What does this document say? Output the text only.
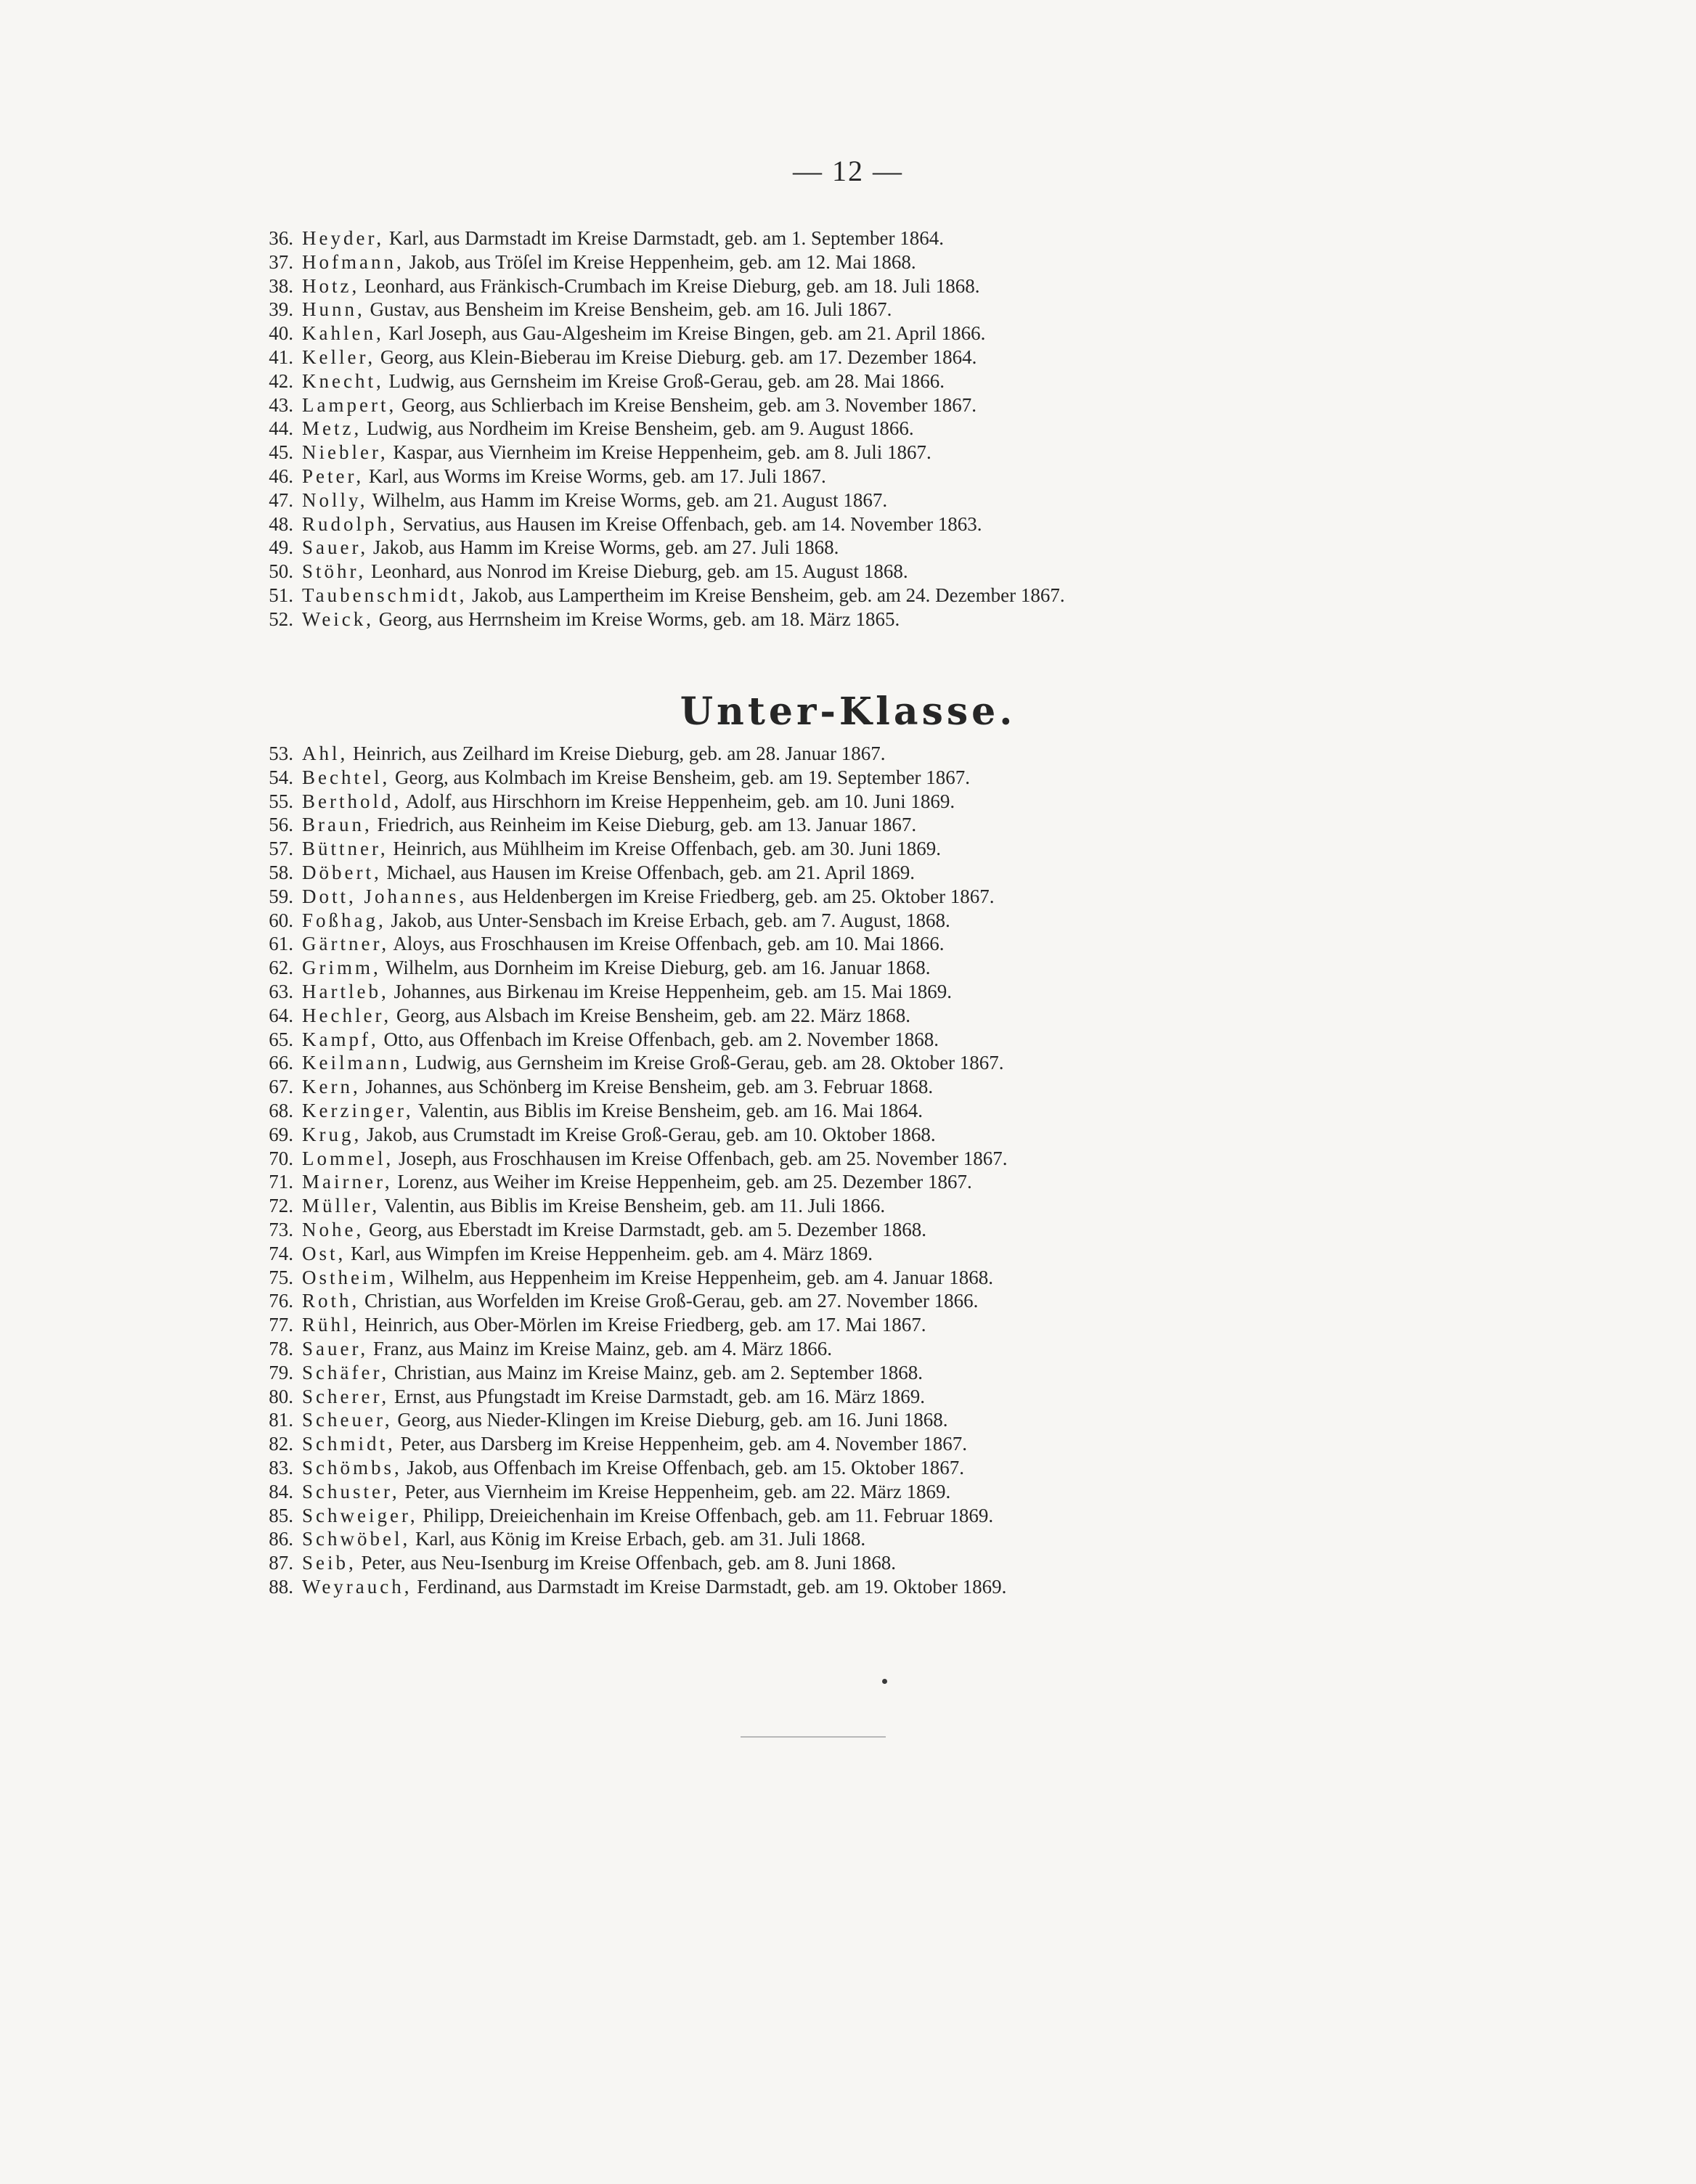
— 12 —
36. Heyder, Karl, aus Darmstadt im Kreise Darmstadt, geb. am 1. September 1864.
37. Hofmann, Jakob, aus Tröſel im Kreise Heppenheim, geb. am 12. Mai 1868.
38. Hotz, Leonhard, aus Fränkisch-Crumbach im Kreise Dieburg, geb. am 18. Juli 1868.
39. Hunn, Gustav, aus Bensheim im Kreise Bensheim, geb. am 16. Juli 1867.
40. Kahlen, Karl Joseph, aus Gau-Algesheim im Kreise Bingen, geb. am 21. April 1866.
41. Keller, Georg, aus Klein-Bieberau im Kreise Dieburg. geb. am 17. Dezember 1864.
42. Knecht, Ludwig, aus Gernsheim im Kreise Groß-Gerau, geb. am 28. Mai 1866.
43. Lampert, Georg, aus Schlierbach im Kreise Bensheim, geb. am 3. November 1867.
44. Metz, Ludwig, aus Nordheim im Kreise Bensheim, geb. am 9. August 1866.
45. Niebler, Kaspar, aus Viernheim im Kreise Heppenheim, geb. am 8. Juli 1867.
46. Peter, Karl, aus Worms im Kreise Worms, geb. am 17. Juli 1867.
47. Nolly, Wilhelm, aus Hamm im Kreise Worms, geb. am 21. August 1867.
48. Rudolph, Servatius, aus Hausen im Kreise Offenbach, geb. am 14. November 1863.
49. Sauer, Jakob, aus Hamm im Kreise Worms, geb. am 27. Juli 1868.
50. Stöhr, Leonhard, aus Nonrod im Kreise Dieburg, geb. am 15. August 1868.
51. Taubenschmidt, Jakob, aus Lampertheim im Kreise Bensheim, geb. am 24. Dezember 1867.
52. Weick, Georg, aus Herrnsheim im Kreise Worms, geb. am 18. März 1865.
Unter-Klasse.
53. Ahl, Heinrich, aus Zeilhard im Kreise Dieburg, geb. am 28. Januar 1867.
54. Bechtel, Georg, aus Kolmbach im Kreise Bensheim, geb. am 19. September 1867.
55. Berthold, Adolf, aus Hirschhorn im Kreise Heppenheim, geb. am 10. Juni 1869.
56. Braun, Friedrich, aus Reinheim im Keise Dieburg, geb. am 13. Januar 1867.
57. Büttner, Heinrich, aus Mühlheim im Kreise Offenbach, geb. am 30. Juni 1869.
58. Döbert, Michael, aus Hausen im Kreise Offenbach, geb. am 21. April 1869.
59. Dott, Johannes, aus Heldenbergen im Kreise Friedberg, geb. am 25. Oktober 1867.
60. Foßhag, Jakob, aus Unter-Sensbach im Kreise Erbach, geb. am 7. August, 1868.
61. Gärtner, Aloys, aus Froschhausen im Kreise Offenbach, geb. am 10. Mai 1866.
62. Grimm, Wilhelm, aus Dornheim im Kreise Dieburg, geb. am 16. Januar 1868.
63. Hartleb, Johannes, aus Birkenau im Kreise Heppenheim, geb. am 15. Mai 1869.
64. Hechler, Georg, aus Alsbach im Kreise Bensheim, geb. am 22. März 1868.
65. Kampf, Otto, aus Offenbach im Kreise Offenbach, geb. am 2. November 1868.
66. Keilmann, Ludwig, aus Gernsheim im Kreise Groß-Gerau, geb. am 28. Oktober 1867.
67. Kern, Johannes, aus Schönberg im Kreise Bensheim, geb. am 3. Februar 1868.
68. Kerzinger, Valentin, aus Biblis im Kreise Bensheim, geb. am 16. Mai 1864.
69. Krug, Jakob, aus Crumstadt im Kreise Groß-Gerau, geb. am 10. Oktober 1868.
70. Lommel, Joseph, aus Froschhausen im Kreise Offenbach, geb. am 25. November 1867.
71. Mairner, Lorenz, aus Weiher im Kreise Heppenheim, geb. am 25. Dezember 1867.
72. Müller, Valentin, aus Biblis im Kreise Bensheim, geb. am 11. Juli 1866.
73. Nohe, Georg, aus Eberstadt im Kreise Darmstadt, geb. am 5. Dezember 1868.
74. Ost, Karl, aus Wimpfen im Kreise Heppenheim. geb. am 4. März 1869.
75. Ostheim, Wilhelm, aus Heppenheim im Kreise Heppenheim, geb. am 4. Januar 1868.
76. Roth, Christian, aus Worfelden im Kreise Groß-Gerau, geb. am 27. November 1866.
77. Rühl, Heinrich, aus Ober-Mörlen im Kreise Friedberg, geb. am 17. Mai 1867.
78. Sauer, Franz, aus Mainz im Kreise Mainz, geb. am 4. März 1866.
79. Schäfer, Christian, aus Mainz im Kreise Mainz, geb. am 2. September 1868.
80. Scherer, Ernst, aus Pfungstadt im Kreise Darmstadt, geb. am 16. März 1869.
81. Scheuer, Georg, aus Nieder-Klingen im Kreise Dieburg, geb. am 16. Juni 1868.
82. Schmidt, Peter, aus Darsberg im Kreise Heppenheim, geb. am 4. November 1867.
83. Schömbs, Jakob, aus Offenbach im Kreise Offenbach, geb. am 15. Oktober 1867.
84. Schuster, Peter, aus Viernheim im Kreise Heppenheim, geb. am 22. März 1869.
85. Schweiger, Philipp, Dreieichenhain im Kreise Offenbach, geb. am 11. Februar 1869.
86. Schwöbel, Karl, aus König im Kreise Erbach, geb. am 31. Juli 1868.
87. Seib, Peter, aus Neu-Isenburg im Kreise Offenbach, geb. am 8. Juni 1868.
88. Weyrauch, Ferdinand, aus Darmstadt im Kreise Darmstadt, geb. am 19. Oktober 1869.
